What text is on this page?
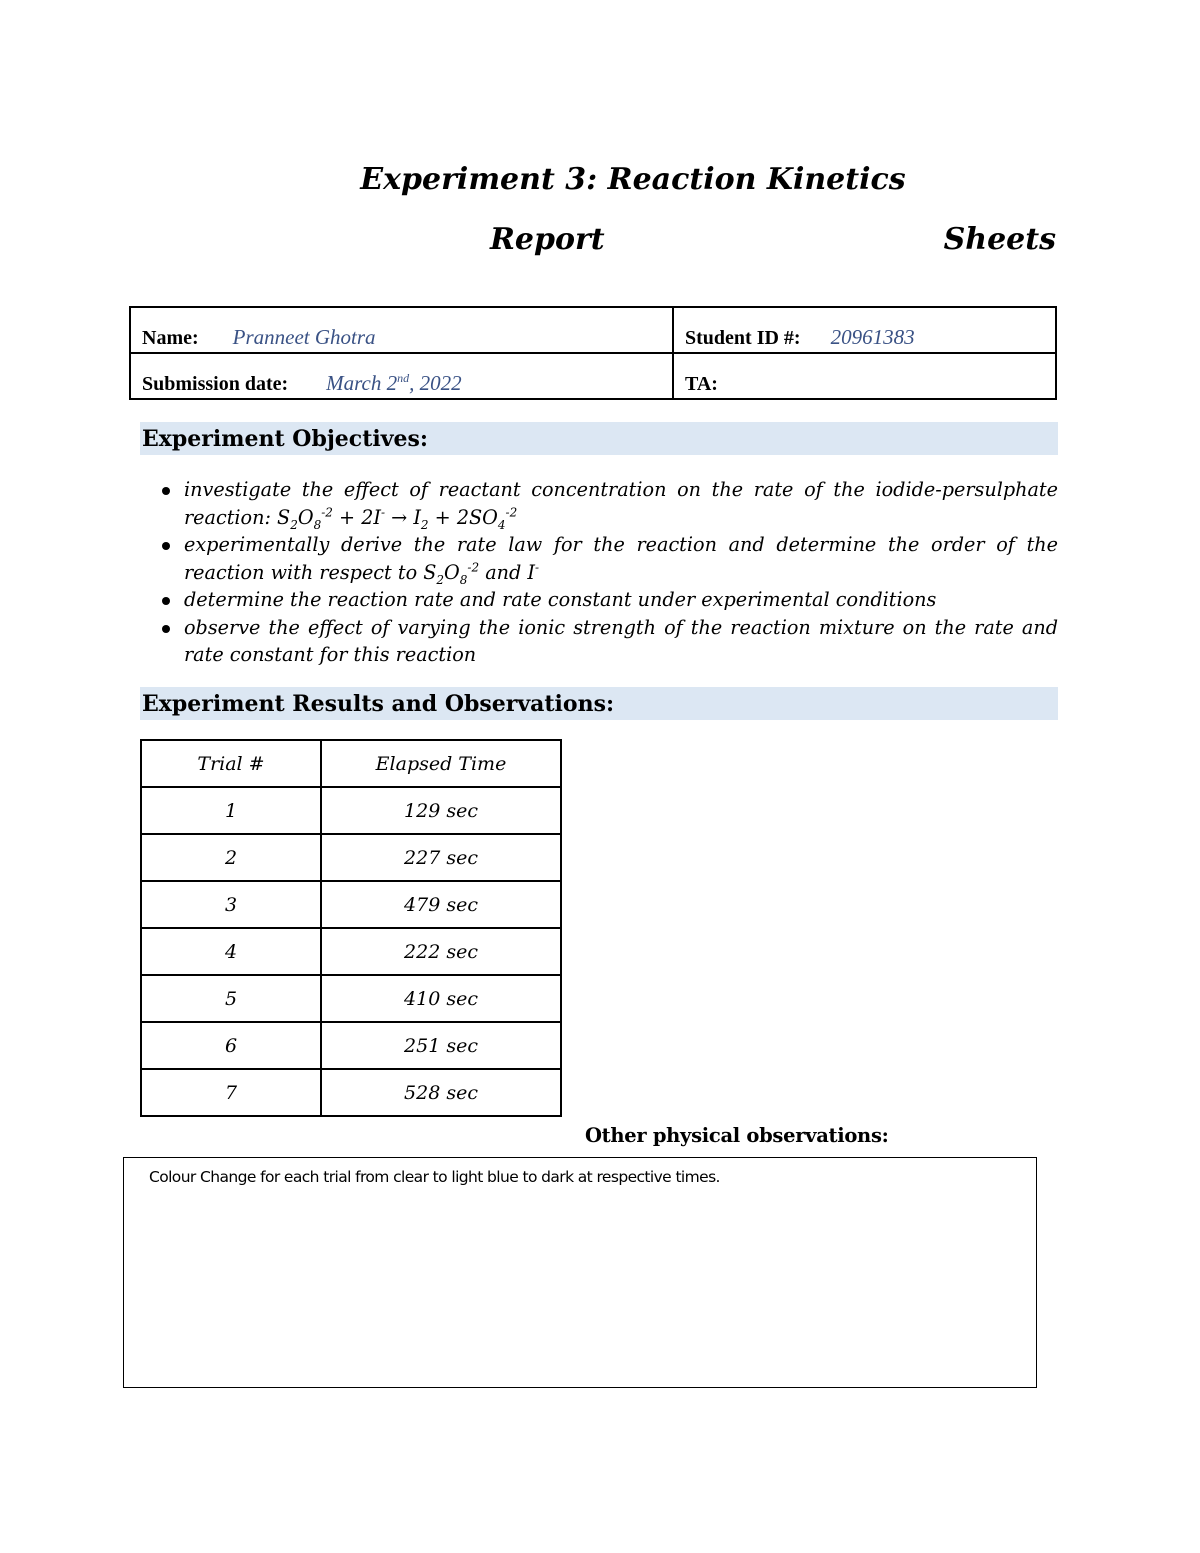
Experiment 3: Reaction Kinetics
Report	Sheets
Name: Pranneet Ghotra	Student ID #: 20961383
Submission date: March 2nd, 2022	TA:
Experiment Objectives:
investigate the effect of reactant concentration on the rate of the iodide-persulphate reaction: $S_2O_8^{-2} + 2I^- \to I_2 + 2SO_4^{-2}$
experimentally derive the rate law for the reaction and determine the order of the reaction with respect to $S_2O_8^{-2}$ and I-
determine the reaction rate and rate constant under experimental conditions
observe the effect of varying the ionic strength of the reaction mixture on the rate and rate constant for this reaction
Experiment Results and Observations:
Trial #	Elapsed Time
1	129 sec
2	227 sec
3	479 sec
4	222 sec
5	410 sec
6	251 sec
7	528 sec
Other physical observations:
Colour Change for each trial from clear to light blue to dark at respective times.
